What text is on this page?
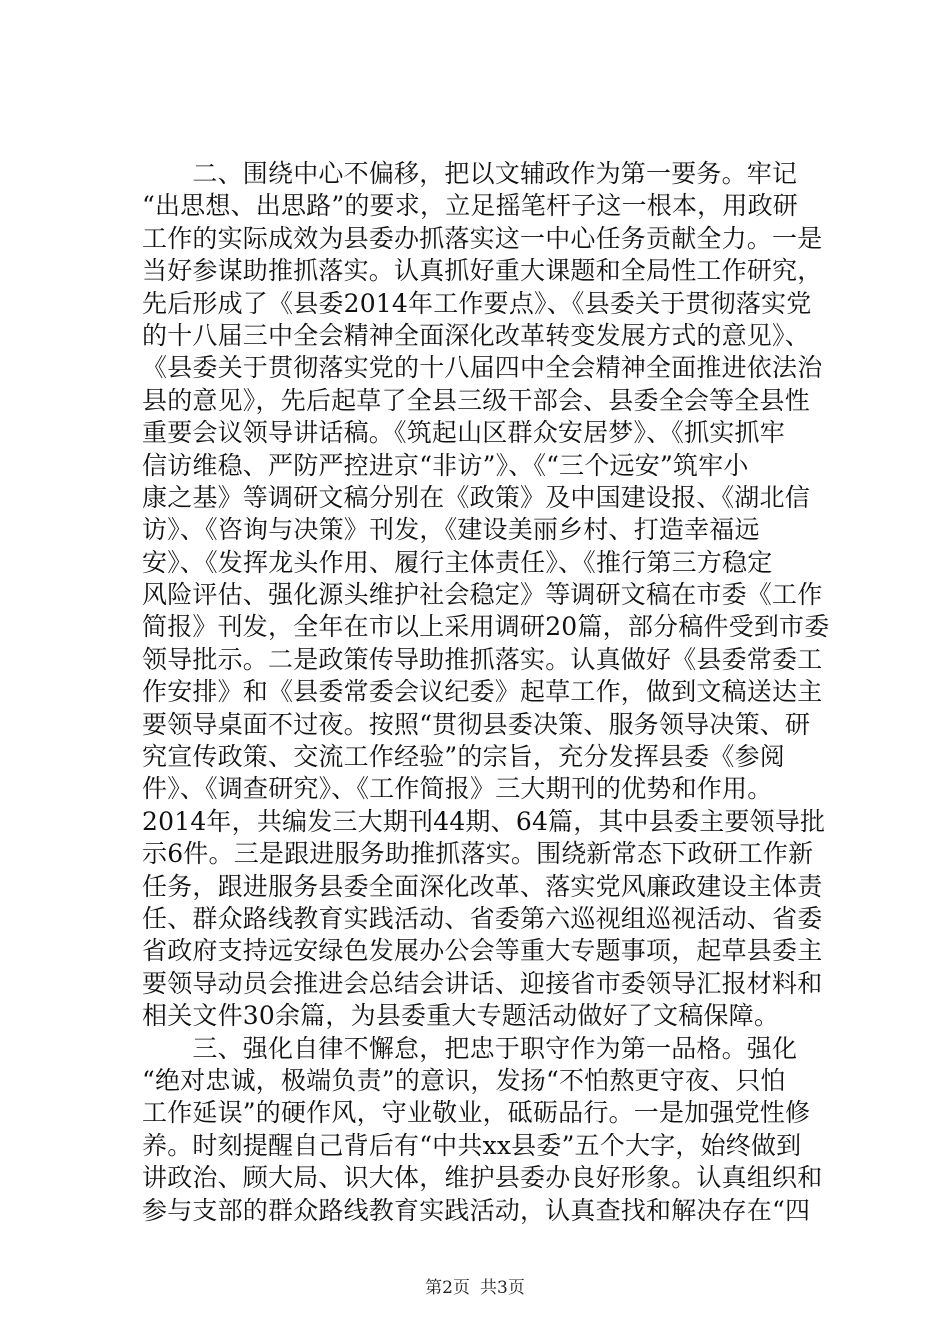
　　二、围绕中心不偏移，把以文辅政作为第一要务。牢记
“出思想、出思路”的要求，立足摇笔杆子这一根本，用政研
工作的实际成效为县委办抓落实这一中心任务贡献全力。一是
当好参谋助推抓落实。认真抓好重大课题和全局性工作研究，
先后形成了《县委2014年工作要点》、《县委关于贯彻落实党
的十八届三中全会精神全面深化改革转变发展方式的意见》、
《县委关于贯彻落实党的十八届四中全会精神全面推进依法治
县的意见》，先后起草了全县三级干部会、县委全会等全县性
重要会议领导讲话稿。《筑起山区群众安居梦》、《抓实抓牢
信访维稳、严防严控进京“非访”》、《“三个远安”筑牢小
康之基》等调研文稿分别在《政策》及中国建设报、《湖北信
访》、《咨询与决策》刊发，《建设美丽乡村、打造幸福远
安》、《发挥龙头作用、履行主体责任》、《推行第三方稳定
风险评估、强化源头维护社会稳定》等调研文稿在市委《工作
简报》刊发，全年在市以上采用调研20篇，部分稿件受到市委
领导批示。二是政策传导助推抓落实。认真做好《县委常委工
作安排》和《县委常委会议纪委》起草工作，做到文稿送达主
要领导桌面不过夜。按照“贯彻县委决策、服务领导决策、研
究宣传政策、交流工作经验”的宗旨，充分发挥县委《参阅
件》、《调查研究》、《工作简报》三大期刊的优势和作用。
2014年，共编发三大期刊44期、64篇，其中县委主要领导批
示6件。三是跟进服务助推抓落实。围绕新常态下政研工作新
任务，跟进服务县委全面深化改革、落实党风廉政建设主体责
任、群众路线教育实践活动、省委第六巡视组巡视活动、省委
省政府支持远安绿色发展办公会等重大专题事项，起草县委主
要领导动员会推进会总结会讲话、迎接省市委领导汇报材料和
相关文件30余篇，为县委重大专题活动做好了文稿保障。
　　三、强化自律不懈怠，把忠于职守作为第一品格。强化
“绝对忠诚，极端负责”的意识，发扬“不怕熬更守夜、只怕
工作延误”的硬作风，守业敬业，砥砺品行。一是加强党性修
养。时刻提醒自己背后有“中共xx县委”五个大字，始终做到
讲政治、顾大局、识大体，维护县委办良好形象。认真组织和
参与支部的群众路线教育实践活动，认真查找和解决存在“四
第2页 共3页
